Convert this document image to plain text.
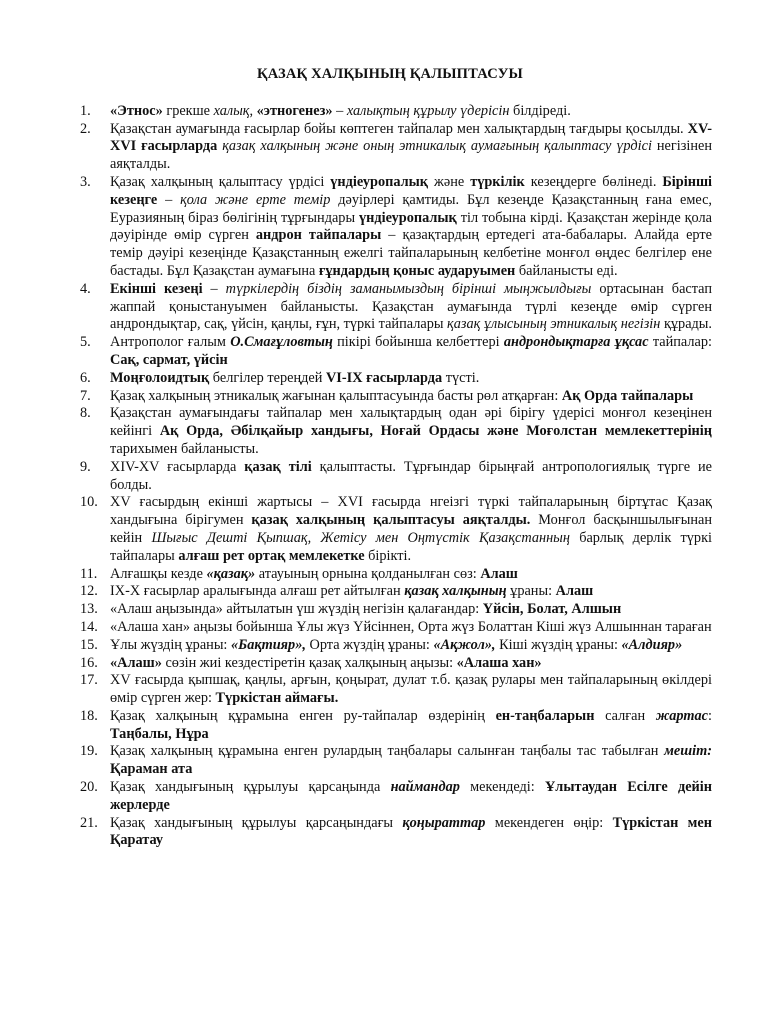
ҚАЗАҚ ХАЛҚЫНЫҢ ҚАЛЫПТАСУЫ
1. «Этнос» грекше халық, «этногенез» – халықтың құрылу үдерісін білдіреді.
2. Қазақстан аумағында ғасырлар бойы көптеген тайпалар мен халықтардың тағдыры қосылды. XV-XVI ғасырларда қазақ халқының және оның этникалық аумағының қалыптасу үрдісі негізінен аяқталды.
3. Қазақ халқының қалыптасу үрдісі үндіеуропалық және түркілік кезеңдерге бөлінеді. Бірінші кезеңге – қола және ерте темір дәуірлері қамтиды. Бұл кезеңде Қазақстанның ғана емес, Еуразияның біраз бөлігінің тұрғындары үндіеуропалық тіл тобына кірді. Қазақстан жерінде қола дәуірінде өмір сүрген андрон тайпалары – қазақтардың ертедегі ата-бабалары. Алайда ерте темір дәуірі кезеңінде Қазақстанның ежелгі тайпаларының келбетіне монғол өңдес белгілер ене бастады. Бұл Қазақстан аумағына ғұндардың қоныс аударуымен байланысты еді.
4. Екінші кезеңі – түркілердің біздің заманымыздың бірінші мыңжылдығы ортасынан бастап жаппай қоныстануымен байланысты. Қазақстан аумағында түрлі кезеңде өмір сүрген андрондықтар, сақ, үйсін, қаңлы, ғұн, түркі тайпалары қазақ ұлысының этникалық негізін құрады.
5. Антрополог ғалым О.Смағұловтың пікірі бойынша келбеттері андрондықтарға ұқсас тайпалар: Сақ, сармат, үйсін
6. Моңғолоидтық белгілер тереңдей VI-IX ғасырларда түсті.
7. Қазақ халқының этникалық жағынан қалыптасуында басты рөл атқарған: Ақ Орда тайпалары
8. Қазақстан аумағындағы тайпалар мен халықтардың одан әрі бірігу үдерісі монғол кезеңінен кейінгі Ақ Орда, Әбілқайыр хандығы, Ноғай Ордасы және Моғолстан мемлекеттерінің тарихымен байланысты.
9. XIV-XV ғасырларда қазақ тілі қалыптасты. Тұрғындар бірыңғай антропологиялық түрге ие болды.
10. XV ғасырдың екінші жартысы – XVI ғасырда нгеізгі түркі тайпаларының біртұтас Қазақ хандығына бірігумен қазақ халқының қалыптасуы аяқталды. Монғол басқыншылығынан кейін Шығыс Дешті Қыпшақ, Жетісу мен Оңтүстік Қазақстанның барлық дерлік түркі тайпалары алғаш рет ортақ мемлекетке бірікті.
11. Алғашқы кезде «қазақ» атауының орнына қолданылған сөз: Алаш
12. IX-X ғасырлар аралығында алғаш рет айтылған қазақ халқының ұраны: Алаш
13. «Алаш аңызында» айтылатын үш жүздің негізін қалағандар: Үйсін, Болат, Алшын
14. «Алаша хан» аңызы бойынша Ұлы жүз Үйсіннен, Орта жүз Болаттан Кіші жүз Алшыннан тараған
15. Ұлы жүздің ұраны: «Бақтияр», Орта жүздің ұраны: «Ақжол», Кіші жүздің ұраны: «Алдияр»
16. «Алаш» сөзін жиі кездестіретін қазақ халқының аңызы: «Алаша хан»
17. XV ғасырда қыпшақ, қаңлы, арғын, қоңырат, дулат т.б. қазақ рулары мен тайпаларының өкілдері өмір сүрген жер: Түркістан аймағы.
18. Қазақ халқының құрамына енген ру-тайпалар өздерінің ен-таңбаларын салған жартас: Таңбалы, Нұра
19. Қазақ халқының құрамына енген рулардың таңбалары салынған таңбалы тас табылған мешіт: Қараман ата
20. Қазақ хандығының құрылуы қарсаңында наймандар мекендеді: Ұлытаудан Есілге дейін жерлерде
21. Қазақ хандығының құрылуы қарсаңындағы қоңыраттар мекендеген өңір: Түркістан мен Қаратау
